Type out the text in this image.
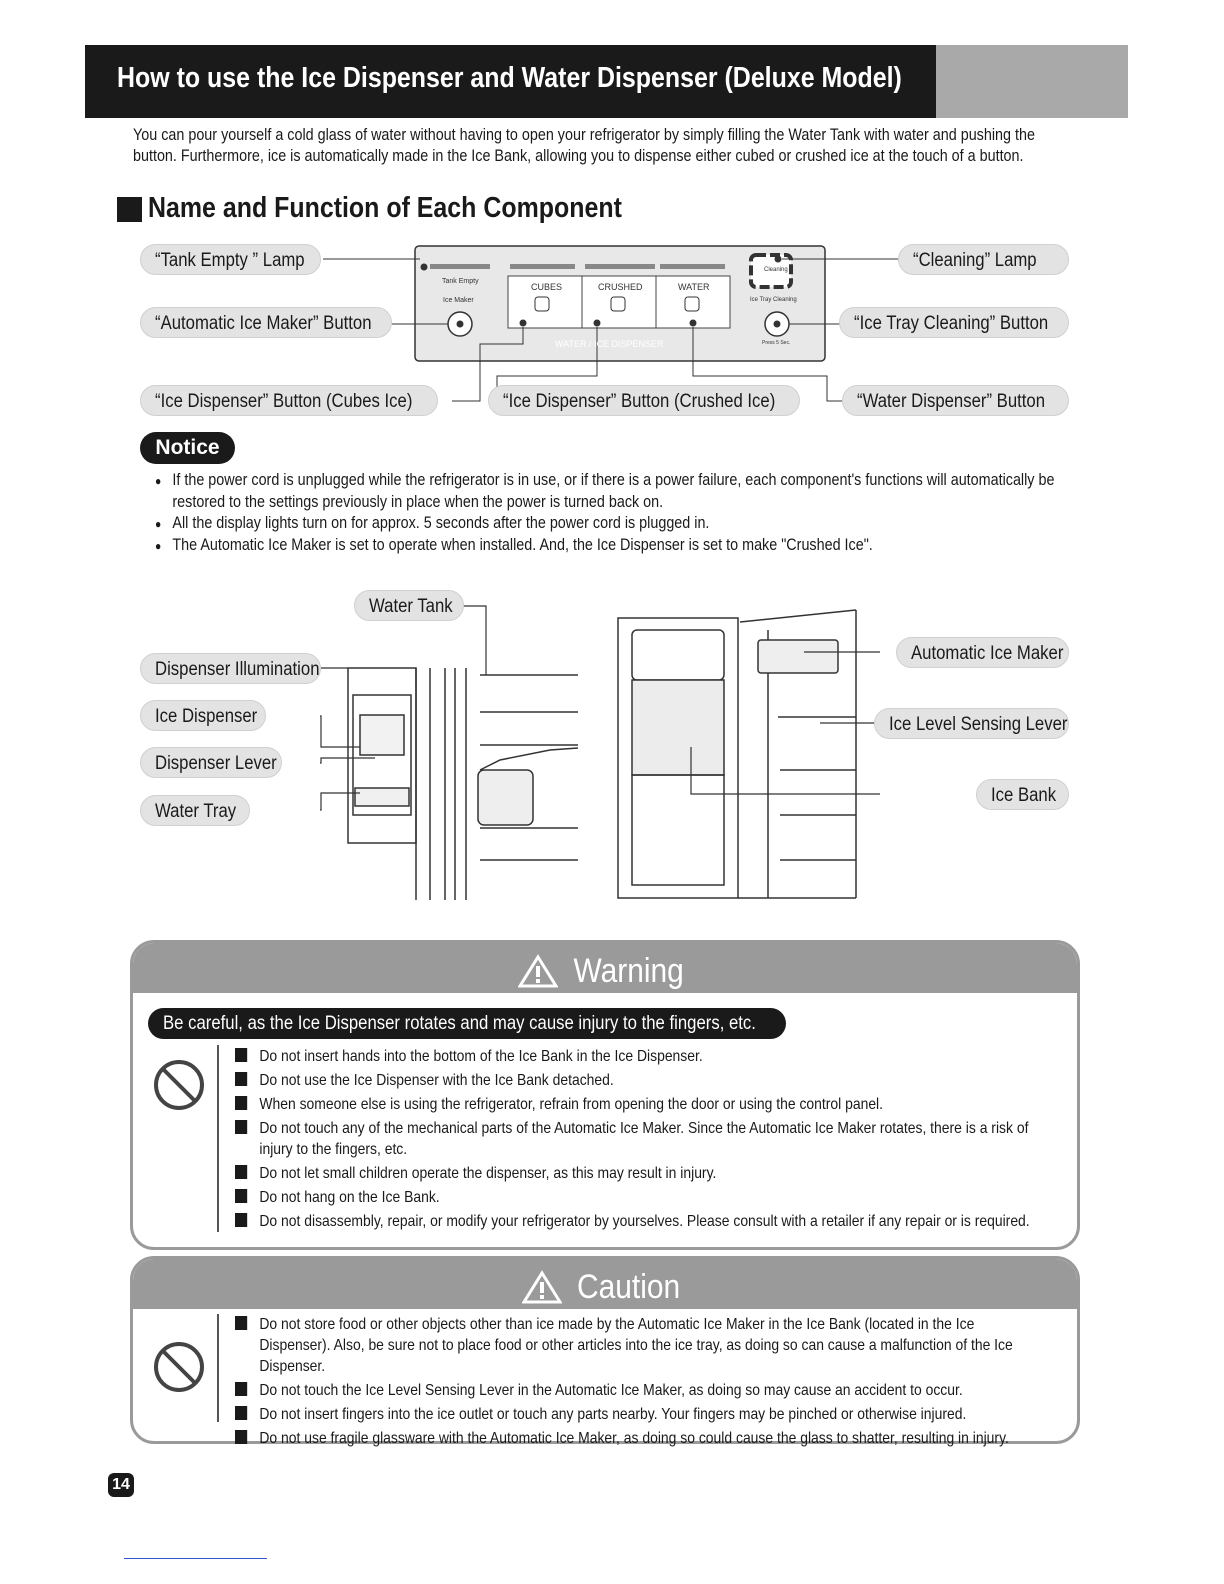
How to use the Ice Dispenser and Water Dispenser (Deluxe Model)
You can pour yourself a cold glass of water without having to open your refrigerator by simply filling the Water Tank with water and pushing the button. Furthermore, ice is automatically made in the Ice Bank, allowing you to dispense either cubed or crushed ice at the touch of a button.
Name and Function of Each Component
Tank Empty
Ice Maker
CUBES	CRUSHED	WATER
Cleaning
Ice Tray Cleaning
Press 5 Sec.
WATER / ICE DISPENSER
“Tank Empty ” Lamp
“Automatic Ice Maker” Button
“Ice Dispenser” Button (Cubes Ice)	“Ice Dispenser” Button (Crushed Ice)	“Water Dispenser” Button
“Ice Tray Cleaning” Button
“Cleaning” Lamp
Notice
● If the power cord is unplugged while the refrigerator is in use, or if there is a power failure, each component's functions will automatically be restored to the settings previously in place when the power is turned back on.
● All the display lights turn on for approx. 5 seconds after the power cord is plugged in.
● The Automatic Ice Maker is set to operate when installed. And, the Ice Dispenser is set to make "Crushed Ice".
Water Tank
Dispenser Illumination
Ice Dispenser
Dispenser Lever
Water Tray
Automatic Ice Maker
Ice Level Sensing Lever
Ice Bank
Warning
Be careful, as the Ice Dispenser rotates and may cause injury to the fingers, etc.
Do not insert hands into the bottom of the Ice Bank in the Ice Dispenser.
Do not use the Ice Dispenser with the Ice Bank detached.
When someone else is using the refrigerator, refrain from opening the door or using the control panel.
Do not touch any of the mechanical parts of the Automatic Ice Maker. Since the Automatic Ice Maker rotates, there is a risk of injury to the fingers, etc.
Do not let small children operate the dispenser, as this may result in injury.
Do not hang on the Ice Bank.
Do not disassembly, repair, or modify your refrigerator by yourselves. Please consult with a retailer if any repair or is required.
Caution
Do not store food or other objects other than ice made by the Automatic Ice Maker in the Ice Bank (located in the Ice Dispenser). Also, be sure not to place food or other articles into the ice tray, as doing so can cause a malfunction of the Ice Dispenser.
Do not touch the Ice Level Sensing Lever in the Automatic Ice Maker, as doing so may cause an accident to occur.
Do not insert fingers into the ice outlet or touch any parts nearby. Your fingers may be pinched or otherwise injured.
Do not use fragile glassware with the Automatic Ice Maker, as doing so could cause the glass to shatter, resulting in injury.
14
